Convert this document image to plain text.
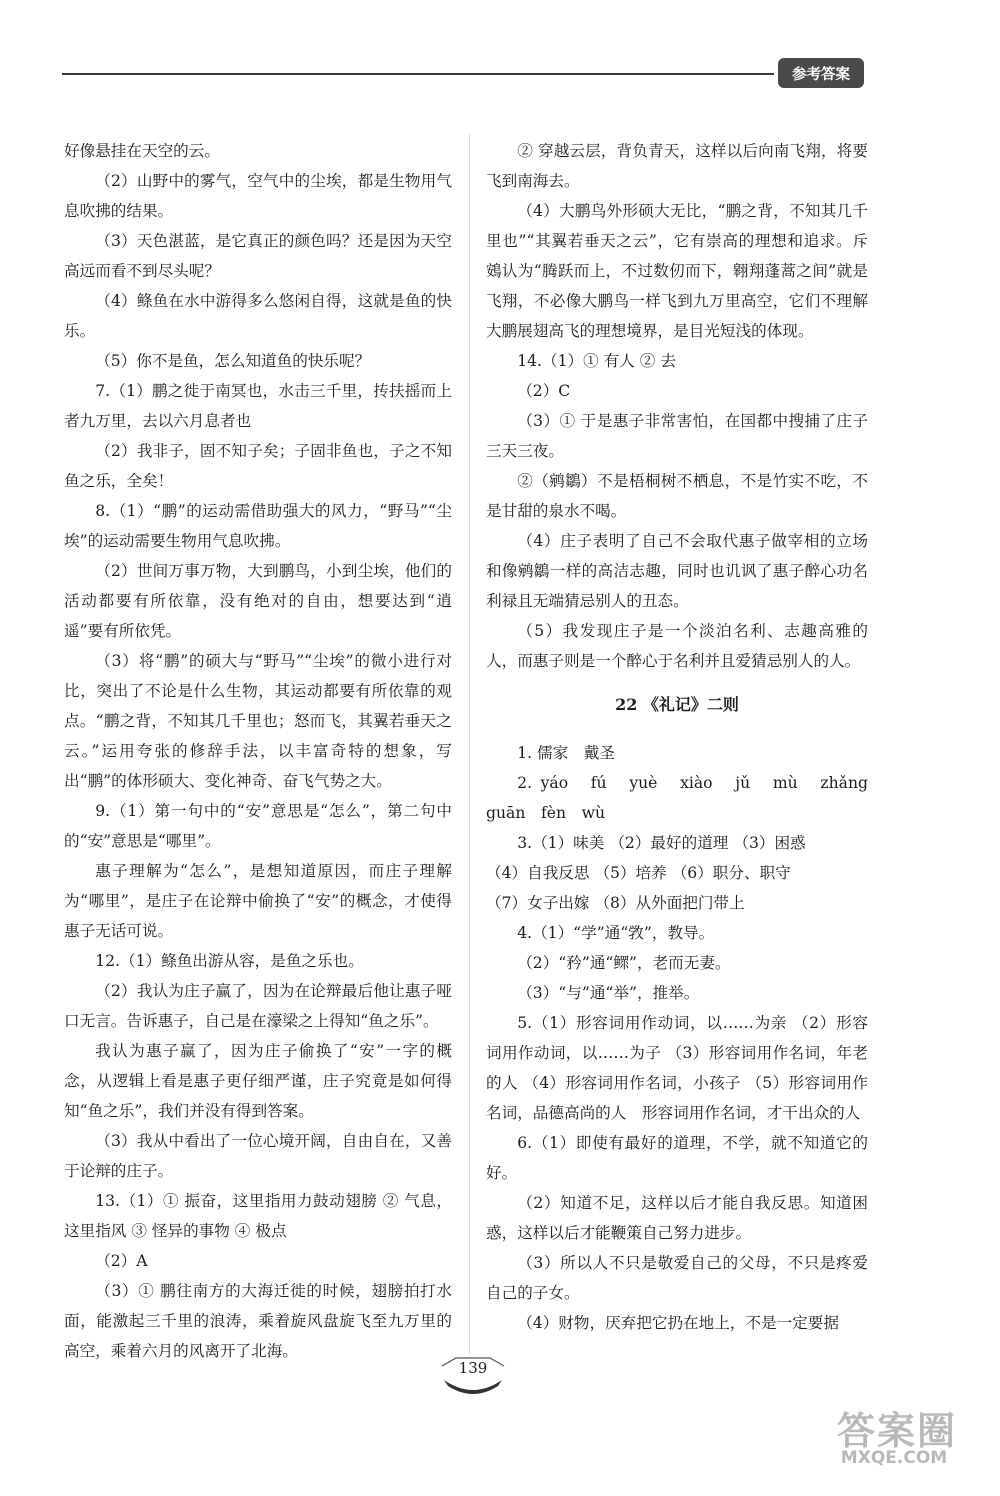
参考答案

好像悬挂在天空的云。

（2）山野中的雾气，空气中的尘埃，都是生物用气息吹拂的结果。

（3）天色湛蓝，是它真正的颜色吗？还是因为天空高远而看不到尽头呢？

（4）鲦鱼在水中游得多么悠闲自得，这就是鱼的快乐。

（5）你不是鱼，怎么知道鱼的快乐呢？

7.（1）鹏之徙于南冥也，水击三千里，抟扶摇而上者九万里，去以六月息者也

（2）我非子，固不知子矣；子固非鱼也，子之不知鱼之乐，全矣！

8.（1）“鹏”的运动需借助强大的风力，“野马”“尘埃”的运动需要生物用气息吹拂。

（2）世间万事万物，大到鹏鸟，小到尘埃，他们的活动都要有所依靠，没有绝对的自由，想要达到“逍遥”要有所依凭。

（3）将“鹏”的硕大与“野马”“尘埃”的微小进行对比，突出了不论是什么生物，其运动都要有所依靠的观点。“鹏之背，不知其几千里也；怒而飞，其翼若垂天之云。”运用夸张的修辞手法，以丰富奇特的想象，写出“鹏”的体形硕大、变化神奇、奋飞气势之大。

9.（1）第一句中的“安”意思是“怎么”，第二句中的“安”意思是“哪里”。

惠子理解为“怎么”，是想知道原因，而庄子理解为“哪里”，是庄子在论辩中偷换了“安”的概念，才使得惠子无话可说。

12.（1）鲦鱼出游从容，是鱼之乐也。

（2）我认为庄子赢了，因为在论辩最后他让惠子哑口无言。告诉惠子，自己是在濠梁之上得知“鱼之乐”。

我认为惠子赢了，因为庄子偷换了“安”一字的概念，从逻辑上看是惠子更仔细严谨，庄子究竟是如何得知“鱼之乐”，我们并没有得到答案。

（3）我从中看出了一位心境开阔，自由自在，又善于论辩的庄子。

13.（1）① 振奋，这里指用力鼓动翅膀 ② 气息，这里指风 ③ 怪异的事物 ④ 极点

（2）A

（3）① 鹏往南方的大海迁徙的时候，翅膀拍打水面，能激起三千里的浪涛，乘着旋风盘旋飞至九万里的高空，乘着六月的风离开了北海。

② 穿越云层，背负青天，这样以后向南飞翔，将要飞到南海去。

（4）大鹏鸟外形硕大无比，“鹏之背，不知其几千里也”“其翼若垂天之云”，它有崇高的理想和追求。斥鴳认为“腾跃而上，不过数仞而下，翱翔蓬蒿之间”就是飞翔，不必像大鹏鸟一样飞到九万里高空，它们不理解大鹏展翅高飞的理想境界，是目光短浅的体现。

14.（1）① 有人 ② 去

（2）C

（3）① 于是惠子非常害怕，在国都中搜捕了庄子三天三夜。

②（鹓鶵）不是梧桐树不栖息，不是竹实不吃，不是甘甜的泉水不喝。

（4）庄子表明了自己不会取代惠子做宰相的立场和像鹓鶵一样的高洁志趣，同时也讥讽了惠子醉心功名利禄且无端猜忌别人的丑态。

（5）我发现庄子是一个淡泊名利、志趣高雅的人，而惠子则是一个醉心于名利并且爱猜忌别人的人。

22 《礼记》二则

1. 儒家　戴圣

2. yáo　fú　yuè　xiào　jǔ　mù　zhǎng　guān　fèn　wù

3.（1）味美 （2）最好的道理 （3）困惑

（4）自我反思 （5）培养 （6）职分、职守

（7）女子出嫁 （8）从外面把门带上

4.（1）“学”通“敩”，教导。

（2）“矜”通“鳏”，老而无妻。

（3）“与”通“举”，推举。

5.（1）形容词用作动词，以……为亲 （2）形容词用作动词，以……为子 （3）形容词用作名词，年老的人 （4）形容词用作名词，小孩子 （5）形容词用作名词，品德高尚的人　形容词用作名词，才干出众的人

6.（1）即使有最好的道理，不学，就不知道它的好。

（2）知道不足，这样以后才能自我反思。知道困惑，这样以后才能鞭策自己努力进步。

（3）所以人不只是敬爱自己的父母，不只是疼爱自己的子女。

（4）财物，厌弃把它扔在地上，不是一定要据

139
答案圈
MXQE.COM
